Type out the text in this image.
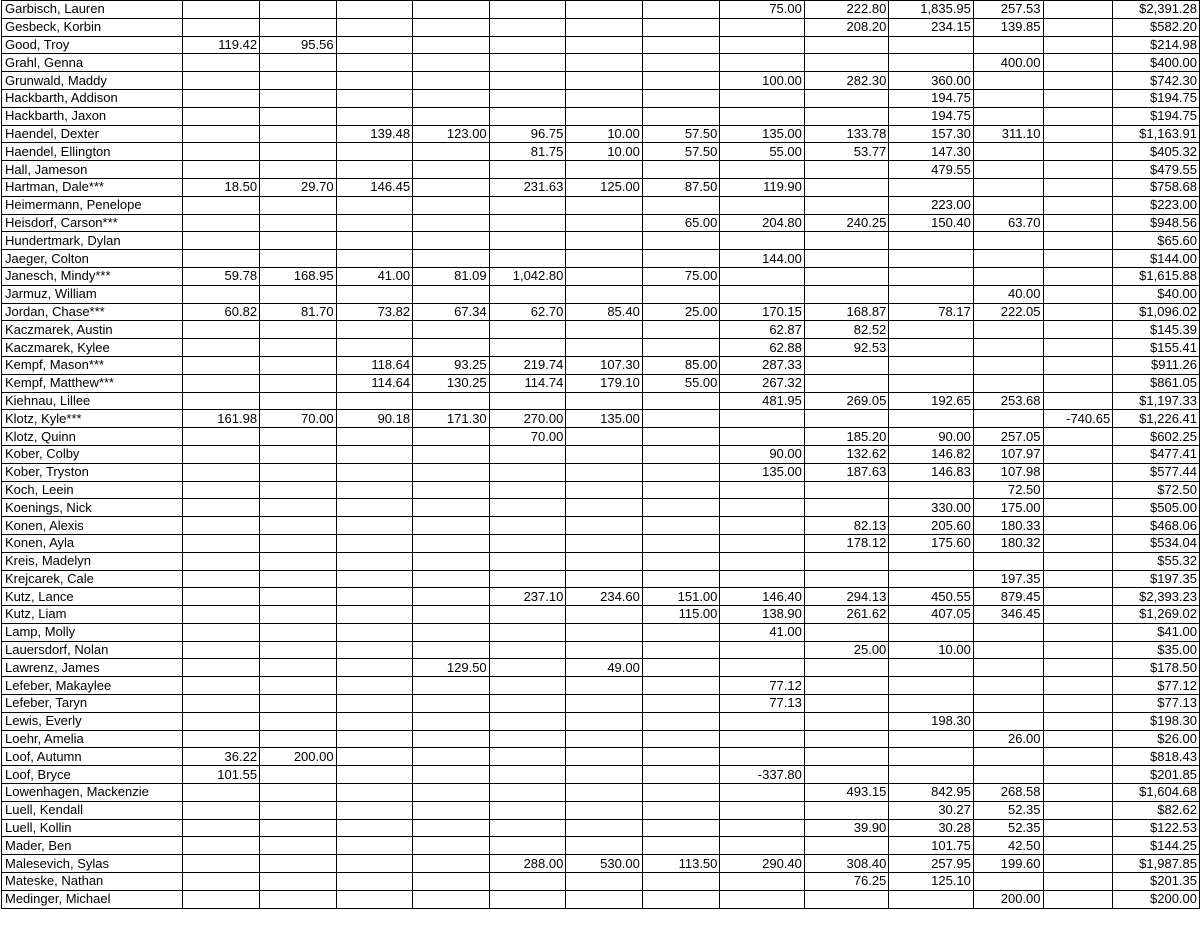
Garbisch, Lauren								75.00	222.80	1,835.95	257.53		$2,391.28
Gesbeck, Korbin									208.20	234.15	139.85		$582.20
Good, Troy	119.42	95.56											$214.98
Grahl, Genna											400.00		$400.00
Grunwald, Maddy								100.00	282.30	360.00			$742.30
Hackbarth, Addison										194.75			$194.75
Hackbarth, Jaxon										194.75			$194.75
Haendel, Dexter			139.48	123.00	96.75	10.00	57.50	135.00	133.78	157.30	311.10		$1,163.91
Haendel, Ellington					81.75	10.00	57.50	55.00	53.77	147.30			$405.32
Hall, Jameson										479.55			$479.55
Hartman, Dale***	18.50	29.70	146.45		231.63	125.00	87.50	119.90					$758.68
Heimermann, Penelope										223.00			$223.00
Heisdorf, Carson***							65.00	204.80	240.25	150.40	63.70		$948.56
Hundertmark, Dylan													$65.60
Jaeger, Colton								144.00					$144.00
Janesch, Mindy***	59.78	168.95	41.00	81.09	1,042.80		75.00						$1,615.88
Jarmuz, William											40.00		$40.00
Jordan, Chase***	60.82	81.70	73.82	67.34	62.70	85.40	25.00	170.15	168.87	78.17	222.05		$1,096.02
Kaczmarek, Austin								62.87	82.52				$145.39
Kaczmarek, Kylee								62.88	92.53				$155.41
Kempf, Mason***			118.64	93.25	219.74	107.30	85.00	287.33					$911.26
Kempf, Matthew***			114.64	130.25	114.74	179.10	55.00	267.32					$861.05
Kiehnau, Lillee								481.95	269.05	192.65	253.68		$1,197.33
Klotz, Kyle***	161.98	70.00	90.18	171.30	270.00	135.00						-740.65	$1,226.41
Klotz, Quinn					70.00				185.20	90.00	257.05		$602.25
Kober, Colby								90.00	132.62	146.82	107.97		$477.41
Kober, Tryston								135.00	187.63	146.83	107.98		$577.44
Koch, Leein											72.50		$72.50
Koenings, Nick										330.00	175.00		$505.00
Konen, Alexis									82.13	205.60	180.33		$468.06
Konen, Ayla									178.12	175.60	180.32		$534.04
Kreis, Madelyn													$55.32
Krejcarek, Cale											197.35		$197.35
Kutz, Lance					237.10	234.60	151.00	146.40	294.13	450.55	879.45		$2,393.23
Kutz, Liam							115.00	138.90	261.62	407.05	346.45		$1,269.02
Lamp, Molly								41.00					$41.00
Lauersdorf, Nolan									25.00	10.00			$35.00
Lawrenz, James				129.50		49.00							$178.50
Lefeber, Makaylee								77.12					$77.12
Lefeber, Taryn								77.13					$77.13
Lewis, Everly										198.30			$198.30
Loehr, Amelia											26.00		$26.00
Loof, Autumn	36.22	200.00											$818.43
Loof, Bryce	101.55							-337.80					$201.85
Lowenhagen, Mackenzie									493.15	842.95	268.58		$1,604.68
Luell, Kendall										30.27	52.35		$82.62
Luell, Kollin									39.90	30.28	52.35		$122.53
Mader, Ben										101.75	42.50		$144.25
Malesevich, Sylas					288.00	530.00	113.50	290.40	308.40	257.95	199.60		$1,987.85
Mateske, Nathan									76.25	125.10			$201.35
Medinger, Michael											200.00		$200.00
